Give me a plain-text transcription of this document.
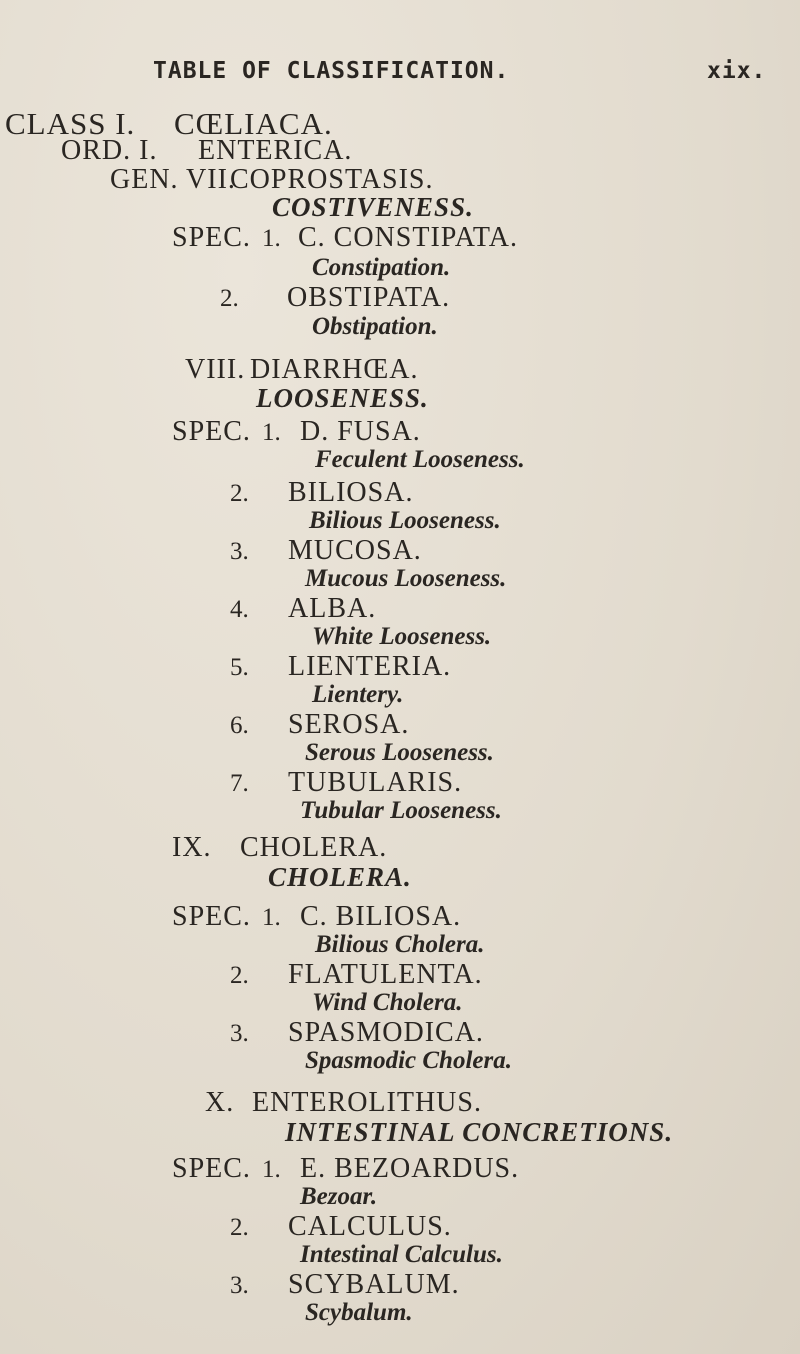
TABLE OF CLASSIFICATION.	xix.
CLASS I. CŒLIACA.
ORD. I. ENTERICA.
GEN. VII.
COPROSTASIS.
COSTIVENESS.
SPEC. 1. C. CONSTIPATA.
Constipation.
2. OBSTIPATA.
Obstipation.
VIII. DIARRHŒA.
LOOSENESS.
SPEC. 1. D. FUSA.
Feculent Looseness.
2. BILIOSA.
Bilious Looseness.
3. MUCOSA.
Mucous Looseness.
4. ALBA.
White Looseness.
5. LIENTERIA.
Lientery.
6. SEROSA.
Serous Looseness.
7. TUBULARIS.
Tubular Looseness.
IX. CHOLERA.
CHOLERA.
SPEC. 1. C. BILIOSA.
Bilious Cholera.
2. FLATULENTA.
Wind Cholera.
3. SPASMODICA.
Spasmodic Cholera.
X. ENTEROLITHUS.
INTESTINAL CONCRETIONS.
SPEC. 1. E. BEZOARDUS.
Bezoar.
2. CALCULUS.
Intestinal Calculus.
3. SCYBALUM.
Scybalum.
